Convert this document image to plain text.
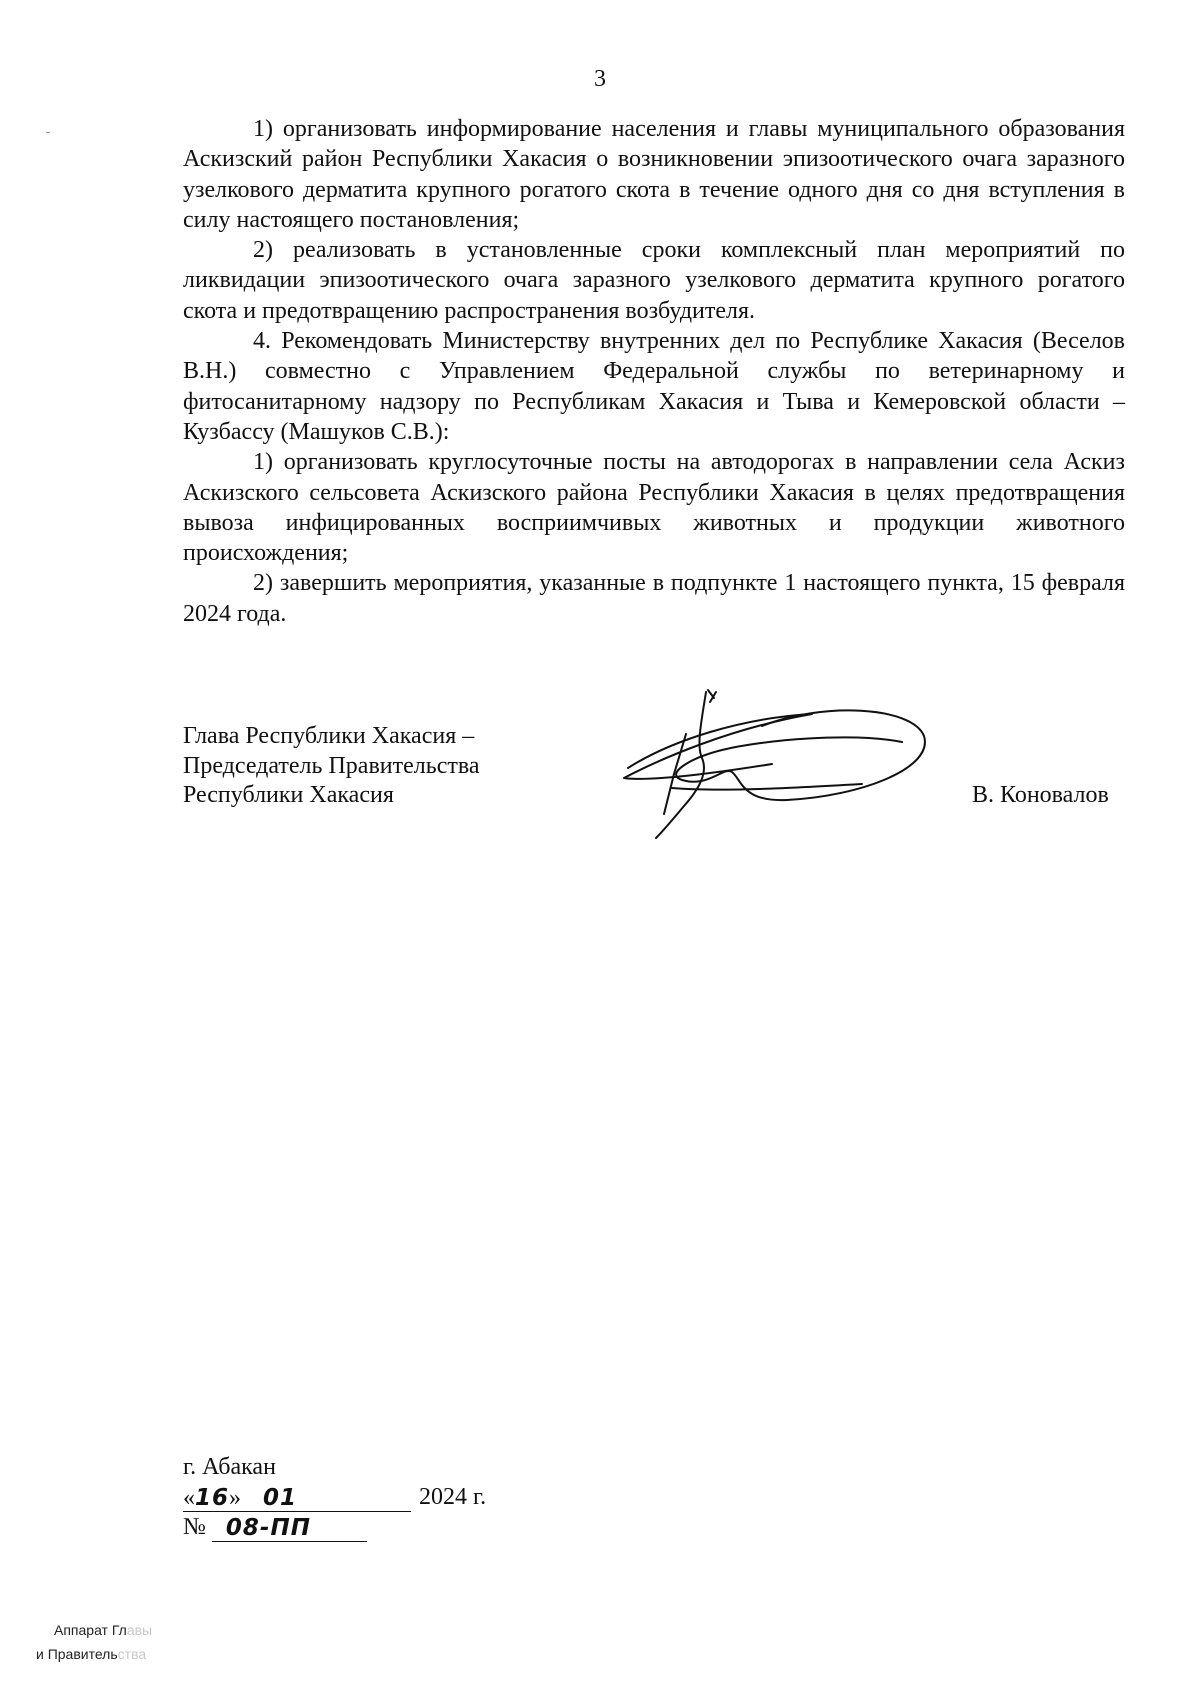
3

1) организовать информирование населения и главы муниципального образования Аскизский район Республики Хакасия о возникновении эпизоотического очага заразного узелкового дерматита крупного рогатого скота в течение одного дня со дня вступления в силу настоящего постановления;

2) реализовать в установленные сроки комплексный план мероприятий по ликвидации эпизоотического очага заразного узелкового дерматита крупного рогатого скота и предотвращению распространения возбудителя.

4. Рекомендовать Министерству внутренних дел по Республике Хакасия (Веселов В.Н.) совместно с Управлением Федеральной службы по ветеринарному и фитосанитарному надзору по Республикам Хакасия и Тыва и Кемеровской области – Кузбассу (Машуков С.В.):

1) организовать круглосуточные посты на автодорогах в направлении села Аскиз Аскизского сельсовета Аскизского района Республики Хакасия в целях предотвращения вывоза инфицированных восприимчивых животных и продукции животного происхождения;

2) завершить мероприятия, указанные в подпункте 1 настоящего пункта, 15 февраля 2024 года.

Глава Республики Хакасия –
Председатель Правительства
Республики Хакасия	В. Коновалов
г. Абакан
«16» 01	2024 г.
№ 08-ПП
Аппарат Главы
и Правительства
